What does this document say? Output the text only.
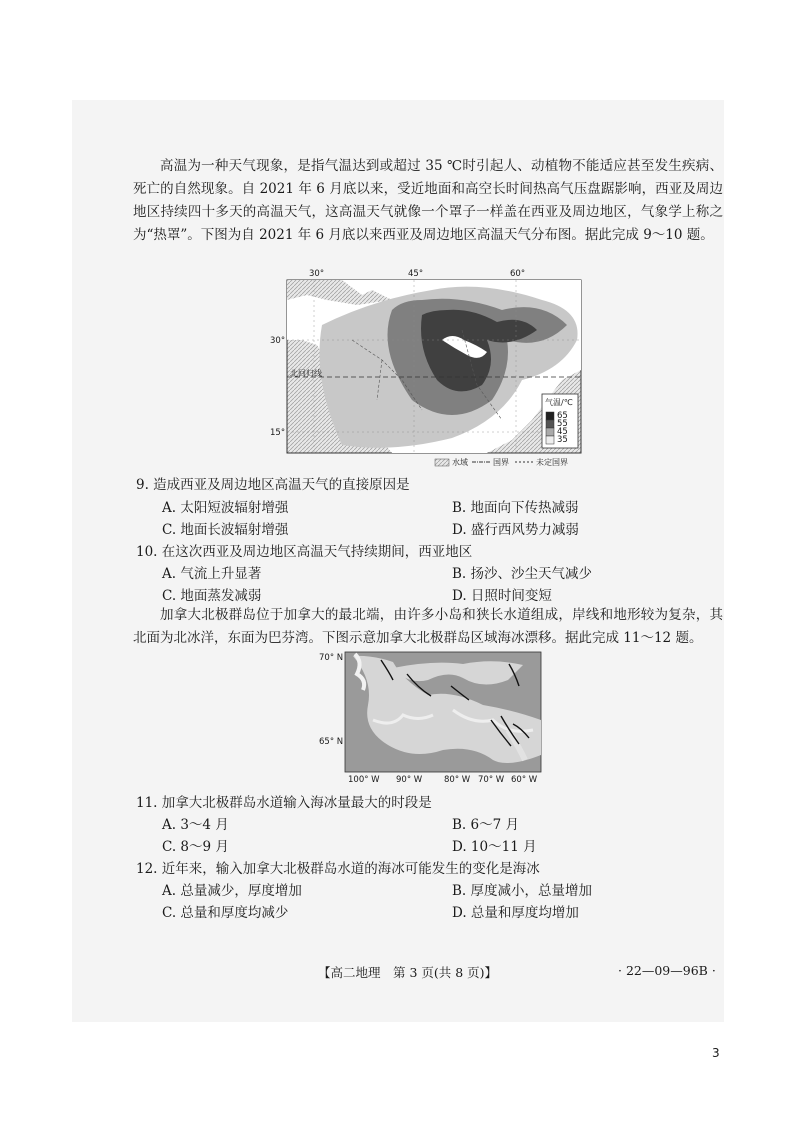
高温为一种天气现象，是指气温达到或超过 35 ℃时引起人、动植物不能适应甚至发生疾病、死亡的自然现象。自 2021 年 6 月底以来，受近地面和高空长时间热高气压盘踞影响，西亚及周边地区持续四十多天的高温天气，这高温天气就像一个罩子一样盖在西亚及周边地区，气象学上称之为“热罩”。下图为自 2021 年 6 月底以来西亚及周边地区高温天气分布图。据此完成 9～10 题。
30°	45°	60°
30°
15°
北回归线
气温/℃
65
55
45
35
水域	国界	未定国界
9. 造成西亚及周边地区高温天气的直接原因是
A. 太阳短波辐射增强	B. 地面向下传热减弱
C. 地面长波辐射增强	D. 盛行西风势力减弱
10. 在这次西亚及周边地区高温天气持续期间，西亚地区
A. 气流上升显著	B. 扬沙、沙尘天气减少
C. 地面蒸发减弱	D. 日照时间变短
加拿大北极群岛位于加拿大的最北端，由许多小岛和狭长水道组成，岸线和地形较为复杂，其北面为北冰洋，东面为巴芬湾。下图示意加拿大北极群岛区域海冰漂移。据此完成 11～12 题。
70° N
65° N
100° W 90° W	80° W 70° W 60° W
11. 加拿大北极群岛水道输入海冰量最大的时段是
A. 3～4 月	B. 6～7 月
C. 8～9 月	D. 10～11 月
12. 近年来，输入加拿大北极群岛水道的海冰可能发生的变化是海冰
A. 总量减少，厚度增加	B. 厚度减小，总量增加
C. 总量和厚度均减少	D. 总量和厚度均增加
【高二地理　第 3 页(共 8 页)】	· 22—09—96B ·
3
